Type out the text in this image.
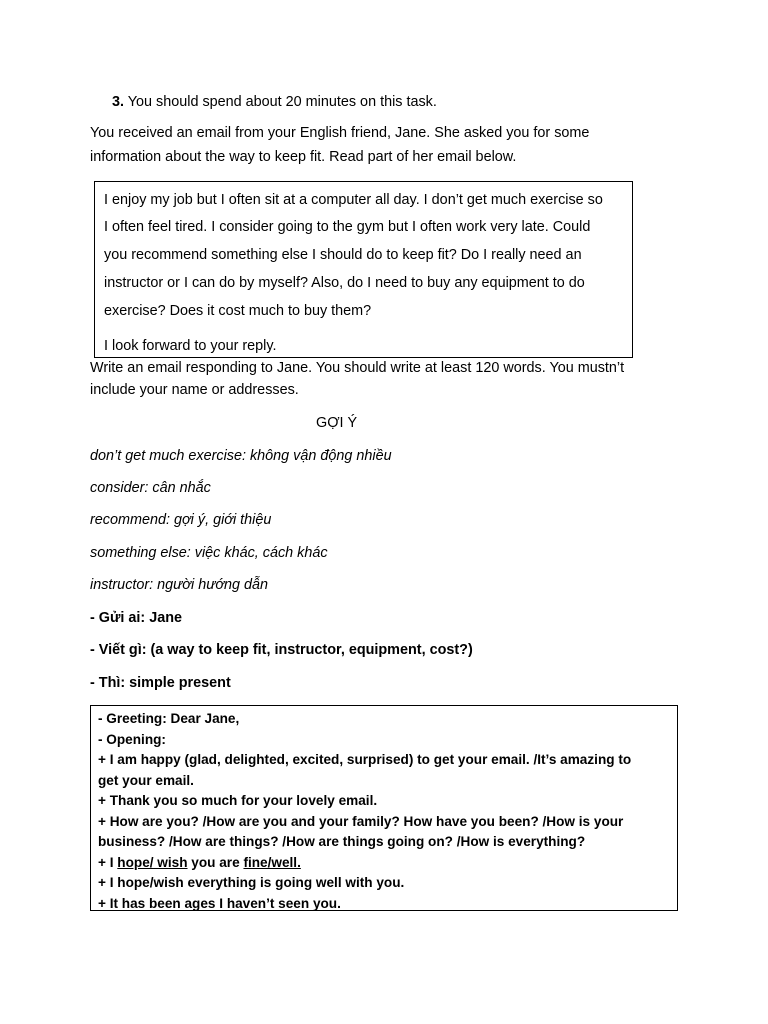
3. You should spend about 20 minutes on this task.
You received an email from your English friend, Jane. She asked you for some
information about the way to keep fit. Read part of her email below.
I enjoy my job but I often sit at a computer all day. I don’t get much exercise so
I often feel tired. I consider going to the gym but I often work very late. Could
you recommend something else I should do to keep fit? Do I really need an
instructor or I can do by myself? Also, do I need to buy any equipment to do
exercise? Does it cost much to buy them?
I look forward to your reply.
Write an email responding to Jane. You should write at least 120 words. You mustn’t
include your name or addresses.
GỢI Ý
don’t get much exercise: không vận động nhiều
consider: cân nhắc
recommend: gợi ý, giới thiệu
something else: việc khác, cách khác
instructor: người hướng dẫn
- Gửi ai: Jane
- Viết gì: (a way to keep fit, instructor, equipment, cost?)
- Thì: simple present
- Greeting: Dear Jane,
- Opening:
+ I am happy (glad, delighted, excited, surprised) to get your email. /It’s amazing to
get your email.
+ Thank you so much for your lovely email.
+ How are you? /How are you and your family? How have you been? /How is your
business? /How are things? /How are things going on? /How is everything?
+ I hope/ wish you are fine/well.
+ I hope/wish everything is going well with you.
+ It has been ages I haven’t seen you.
